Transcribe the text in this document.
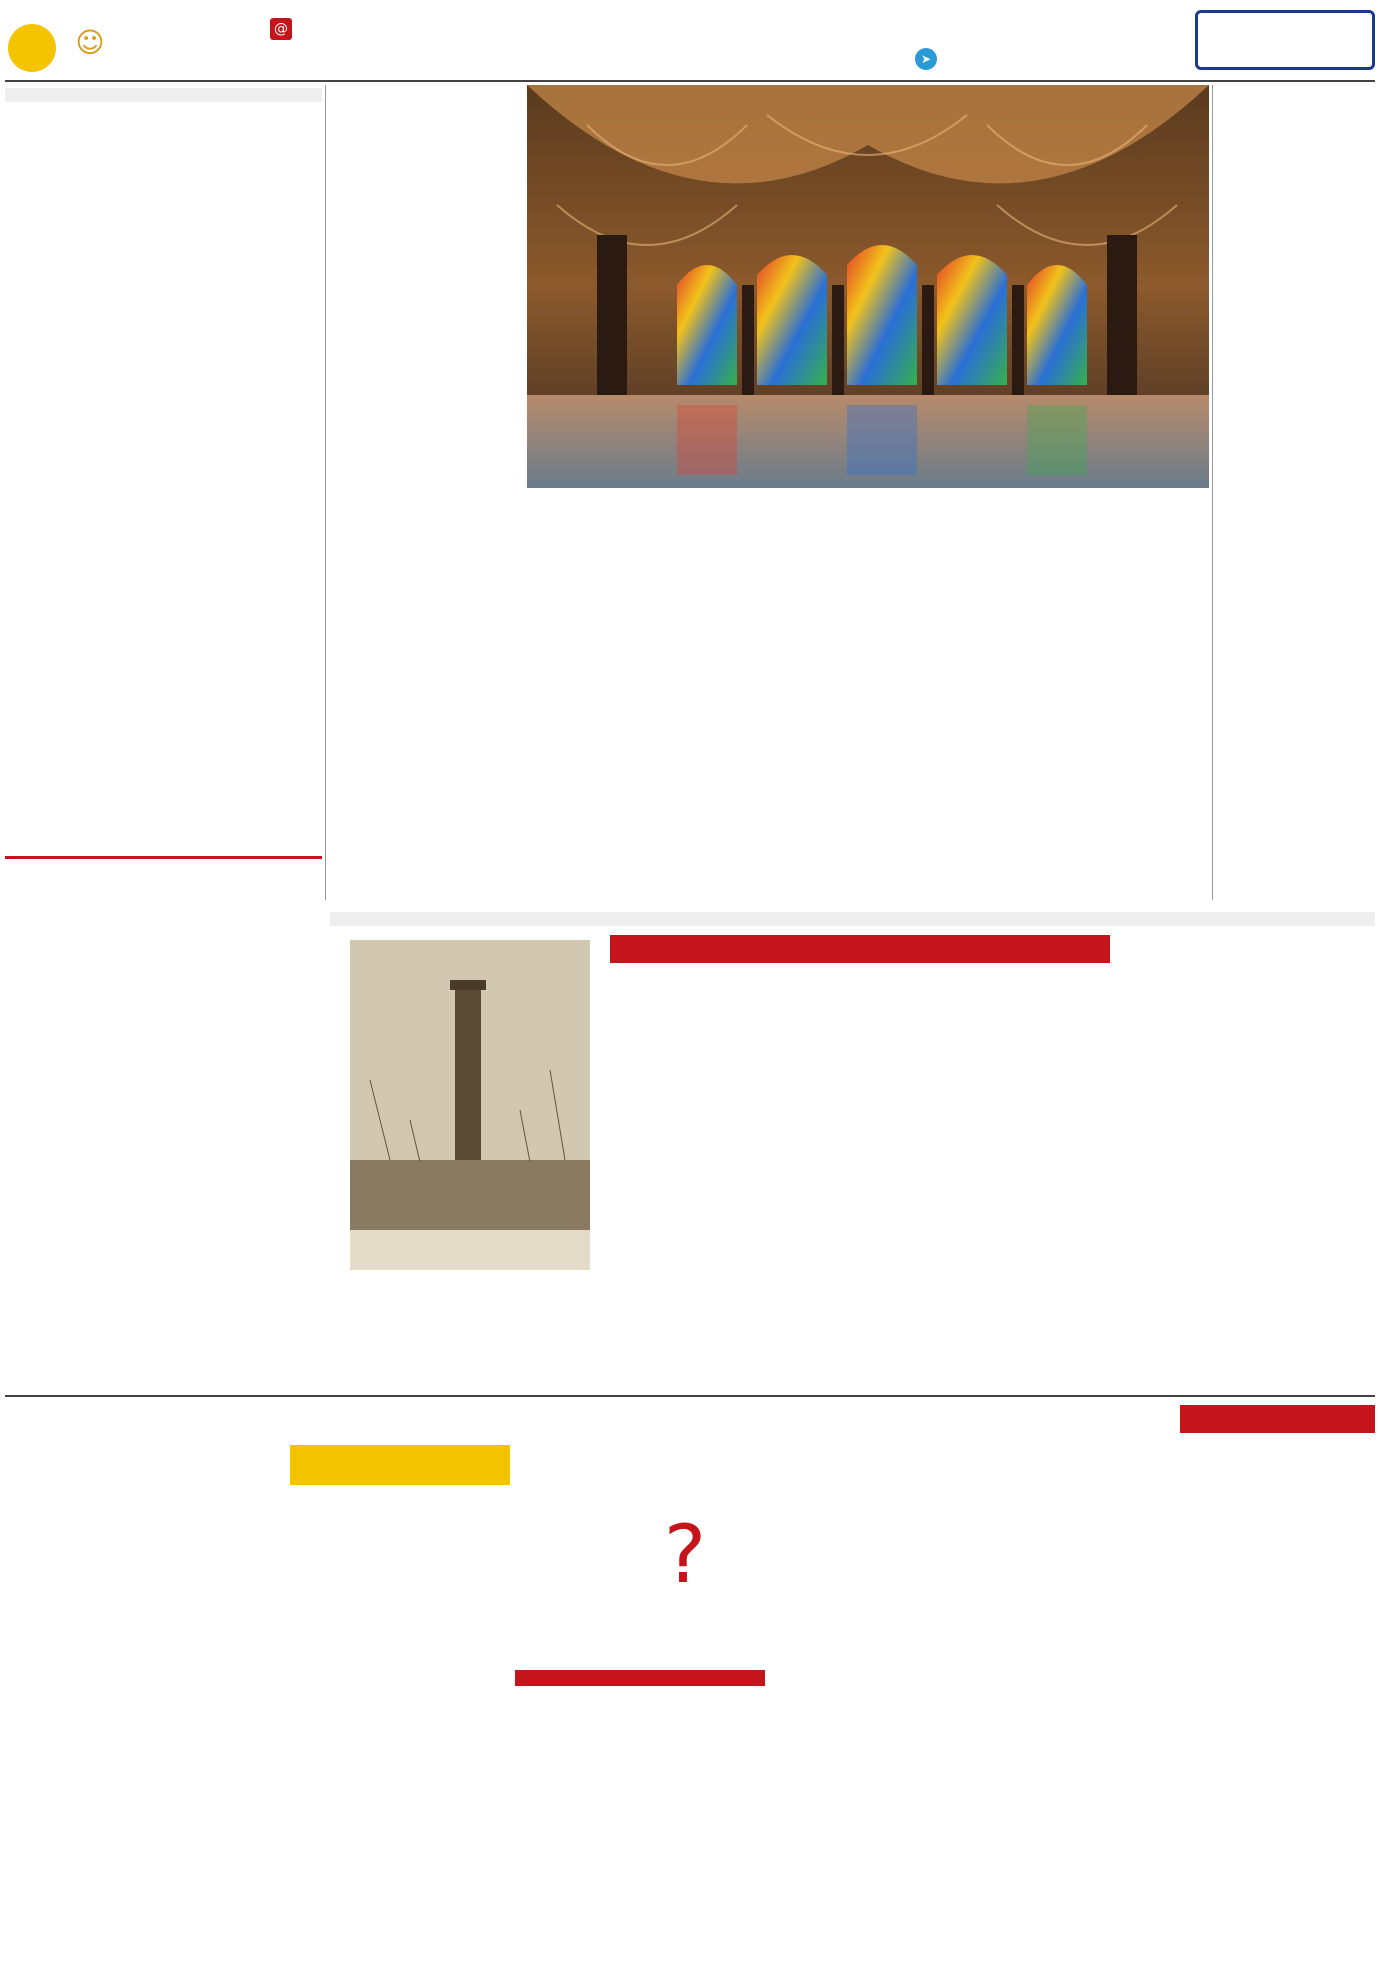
➤
@
☺
?
